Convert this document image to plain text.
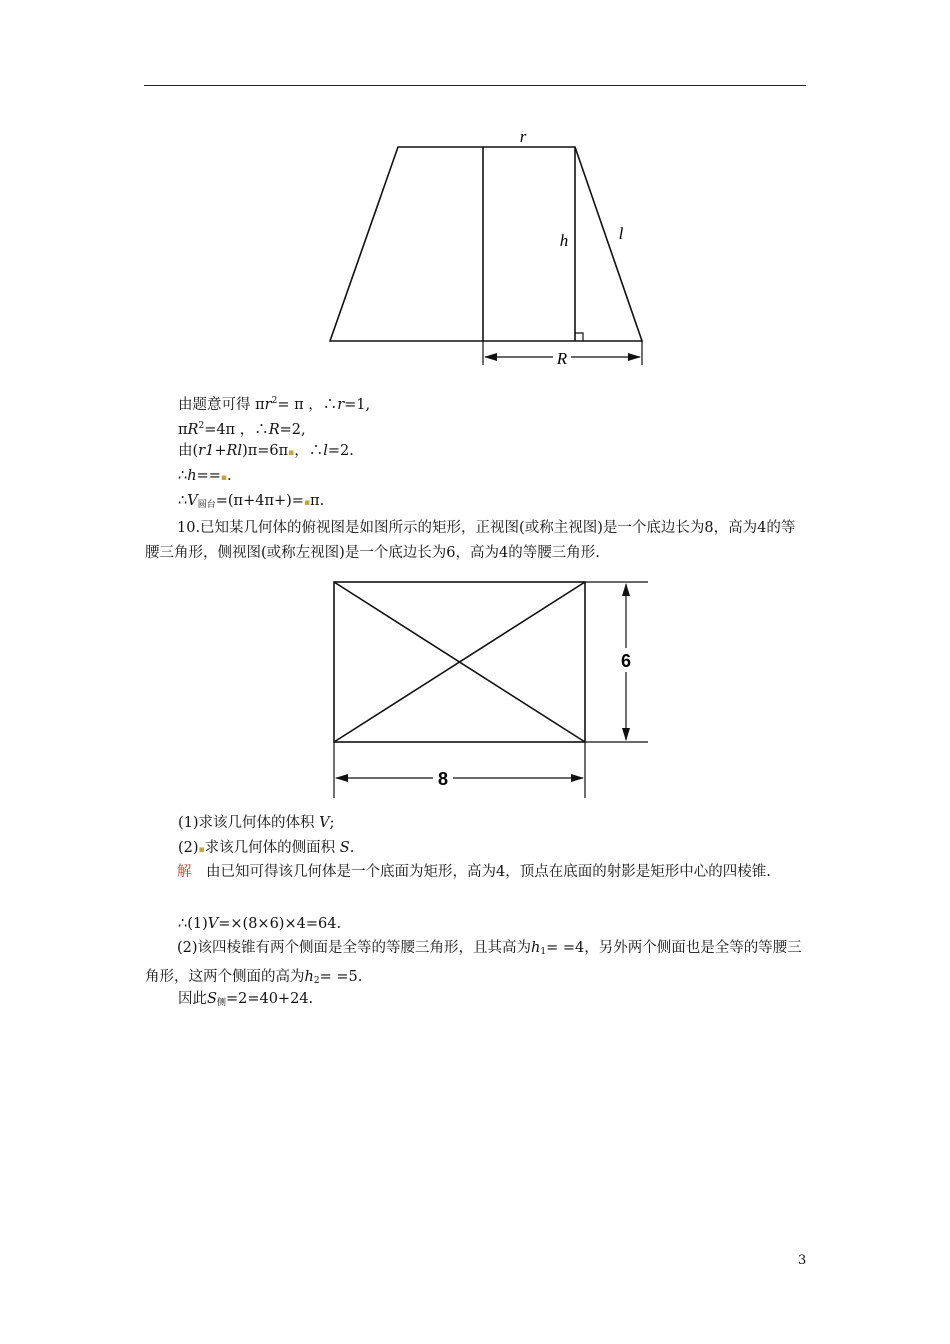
r
l
h
R
由题意可得 $\pi r^2= \pi$ ，∴r=1,
$\pi R^2=4\pi$ ，∴R=2,
由(r1+Rl)π=6π▪，∴l=2.
∴h==▪.
$\therefore V_{圆台}=(\pi+4\pi+)=▪\pi$.
10.已知某几何体的俯视图是如图所示的矩形，正视图(或称主视图)是一个底边长为8，高为4的等腰三角形，侧视图(或称左视图)是一个底边长为6，高为4的等腰三角形.
6
8
(1)求该几何体的体积 V;
(2)▪求该几何体的侧面积 S.
解　由已知可得该几何体是一个底面为矩形，高为4，顶点在底面的射影是矩形中心的四棱锥.
∴(1)V=×(8×6)×4=64.
(2)该四棱锥有两个侧面是全等的等腰三角形，且其高为$h_1= =4$，另外两个侧面也是全等的等腰三角形，这两个侧面的高为$h_2= =5$.
因此$S_侧=2=40+24$.
3
